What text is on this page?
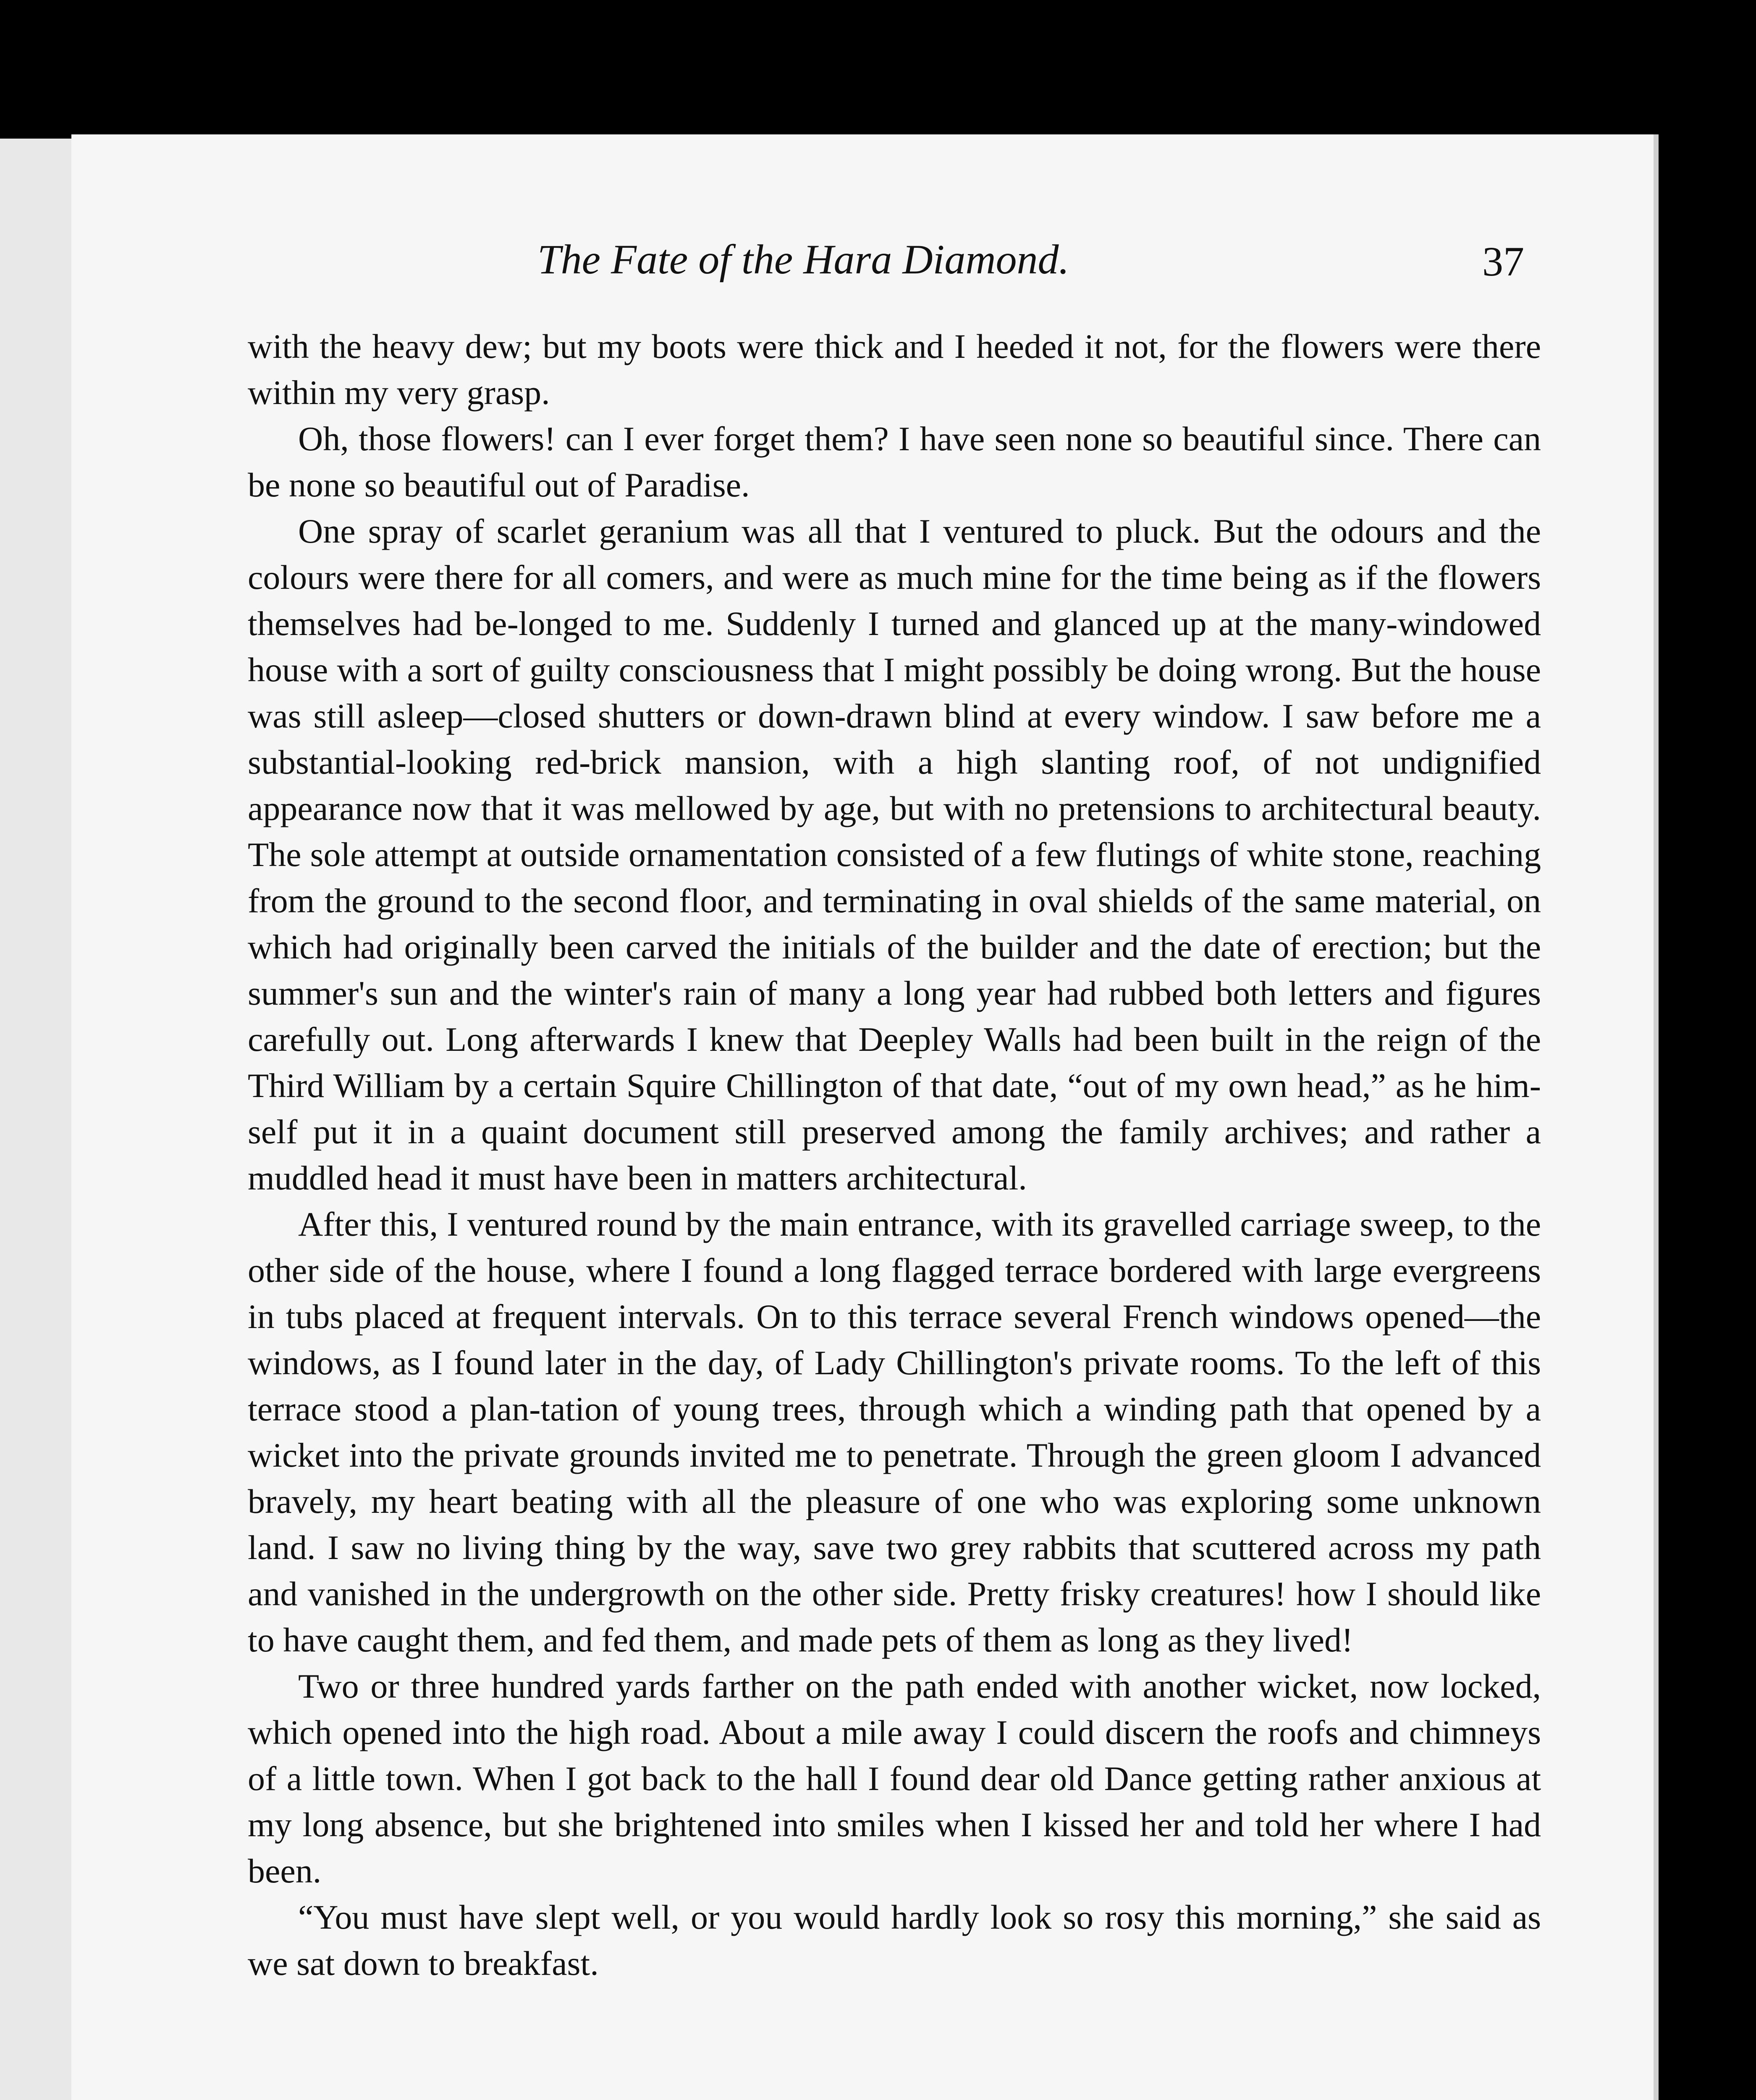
The Fate of the Hara Diamond.	37

with the heavy dew; but my boots were thick and I heeded it not, for the flowers were there within my very grasp.

Oh, those flowers! can I ever forget them? I have seen none so beautiful since. There can be none so beautiful out of Paradise.

One spray of scarlet geranium was all that I ventured to pluck. But the odours and the colours were there for all comers, and were as much mine for the time being as if the flowers themselves had be-longed to me. Suddenly I turned and glanced up at the many-windowed house with a sort of guilty consciousness that I might possibly be doing wrong. But the house was still asleep—closed shutters or down-drawn blind at every window. I saw before me a substantial-looking red-brick mansion, with a high slanting roof, of not undignified appearance now that it was mellowed by age, but with no pretensions to architectural beauty. The sole attempt at outside ornamentation consisted of a few flutings of white stone, reaching from the ground to the second floor, and terminating in oval shields of the same material, on which had originally been carved the initials of the builder and the date of erection; but the summer's sun and the winter's rain of many a long year had rubbed both letters and figures carefully out. Long afterwards I knew that Deepley Walls had been built in the reign of the Third William by a certain Squire Chillington of that date, “out of my own head,” as he him-self put it in a quaint document still preserved among the family archives; and rather a muddled head it must have been in matters architectural.

After this, I ventured round by the main entrance, with its gravelled carriage sweep, to the other side of the house, where I found a long flagged terrace bordered with large evergreens in tubs placed at frequent intervals. On to this terrace several French windows opened—the windows, as I found later in the day, of Lady Chillington's private rooms. To the left of this terrace stood a plan-tation of young trees, through which a winding path that opened by a wicket into the private grounds invited me to penetrate. Through the green gloom I advanced bravely, my heart beating with all the pleasure of one who was exploring some unknown land. I saw no living thing by the way, save two grey rabbits that scuttered across my path and vanished in the undergrowth on the other side. Pretty frisky creatures! how I should like to have caught them, and fed them, and made pets of them as long as they lived!

Two or three hundred yards farther on the path ended with another wicket, now locked, which opened into the high road. About a mile away I could discern the roofs and chimneys of a little town. When I got back to the hall I found dear old Dance getting rather anxious at my long absence, but she brightened into smiles when I kissed her and told her where I had been.

“You must have slept well, or you would hardly look so rosy this morning,” she said as we sat down to breakfast.
